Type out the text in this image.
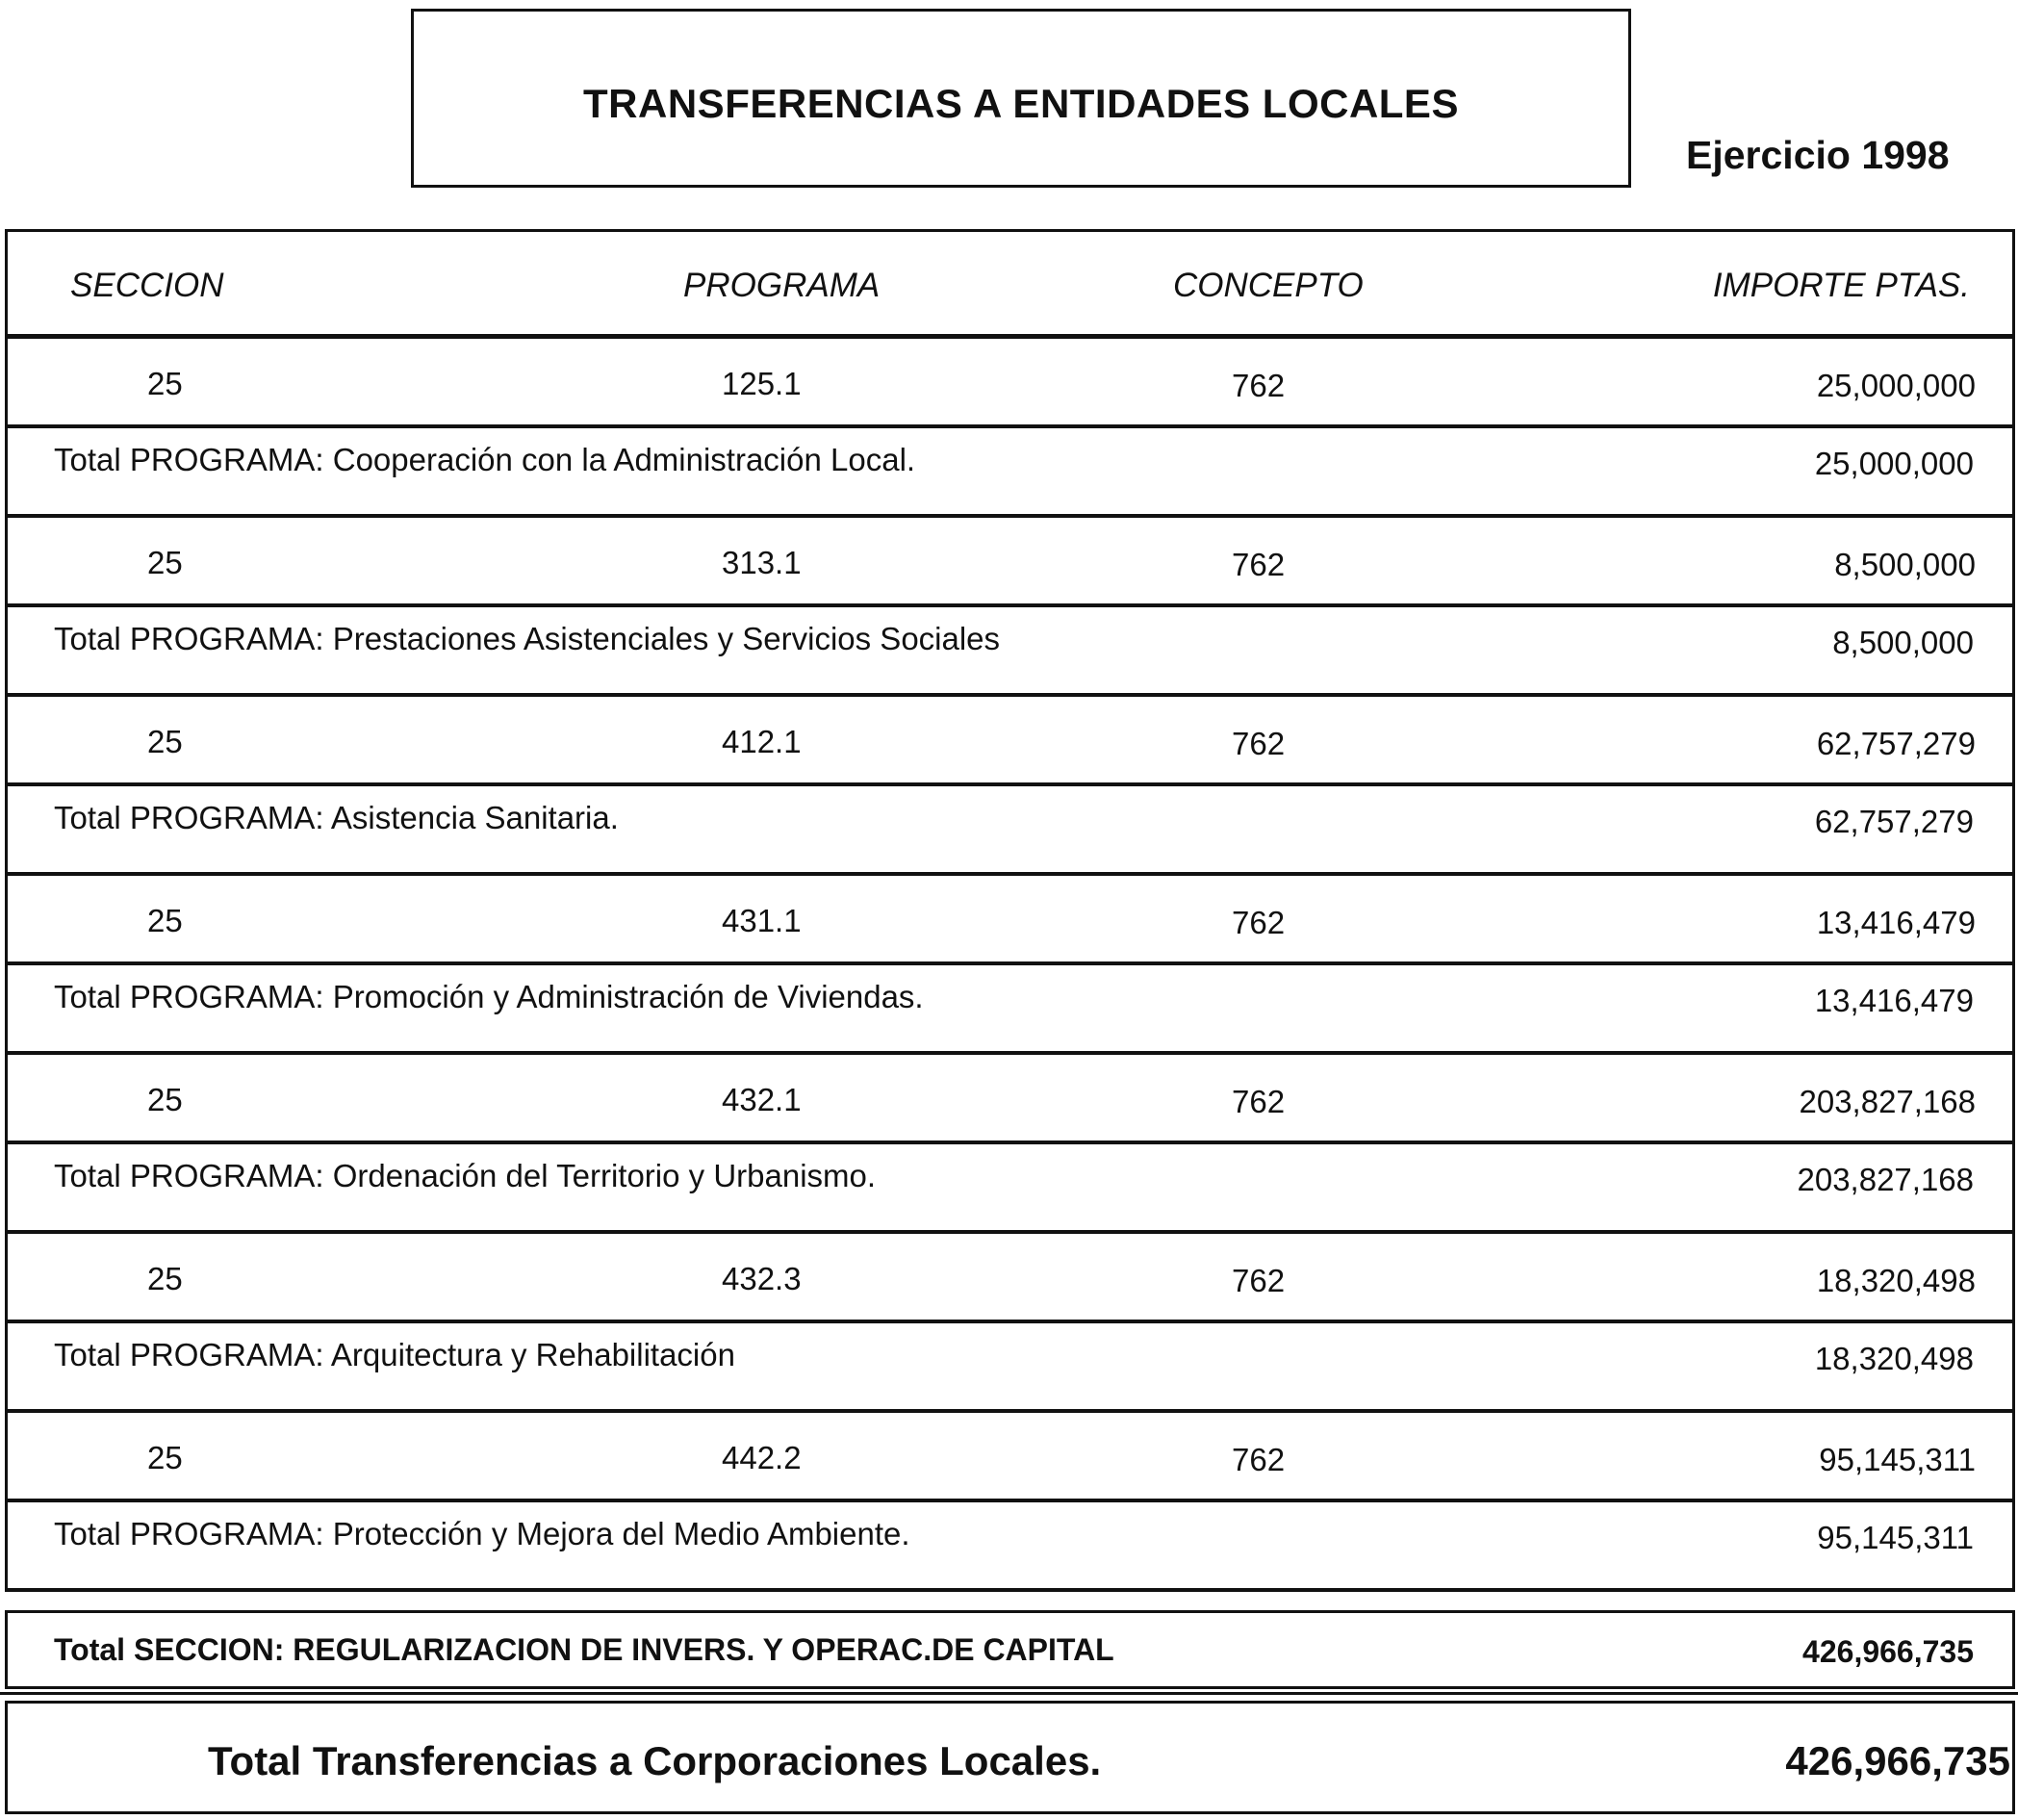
TRANSFERENCIAS A ENTIDADES LOCALES
Ejercicio 1998
SECCION	PROGRAMA	CONCEPTO	IMPORTE PTAS.
25	125.1	762	25,000,000
Total PROGRAMA: Cooperación con la Administración Local.	25,000,000
25	313.1	762	8,500,000
Total PROGRAMA: Prestaciones Asistenciales y Servicios Sociales	8,500,000
25	412.1	762	62,757,279
Total PROGRAMA: Asistencia Sanitaria.	62,757,279
25	431.1	762	13,416,479
Total PROGRAMA: Promoción y Administración de Viviendas.	13,416,479
25	432.1	762	203,827,168
Total PROGRAMA: Ordenación del Territorio y Urbanismo.	203,827,168
25	432.3	762	18,320,498
Total PROGRAMA: Arquitectura y Rehabilitación	18,320,498
25	442.2	762	95,145,311
Total PROGRAMA: Protección y Mejora del Medio Ambiente.	95,145,311
Total SECCION: REGULARIZACION DE INVERS. Y OPERAC.DE CAPITAL	426,966,735
Total Transferencias a Corporaciones Locales.	426,966,735
